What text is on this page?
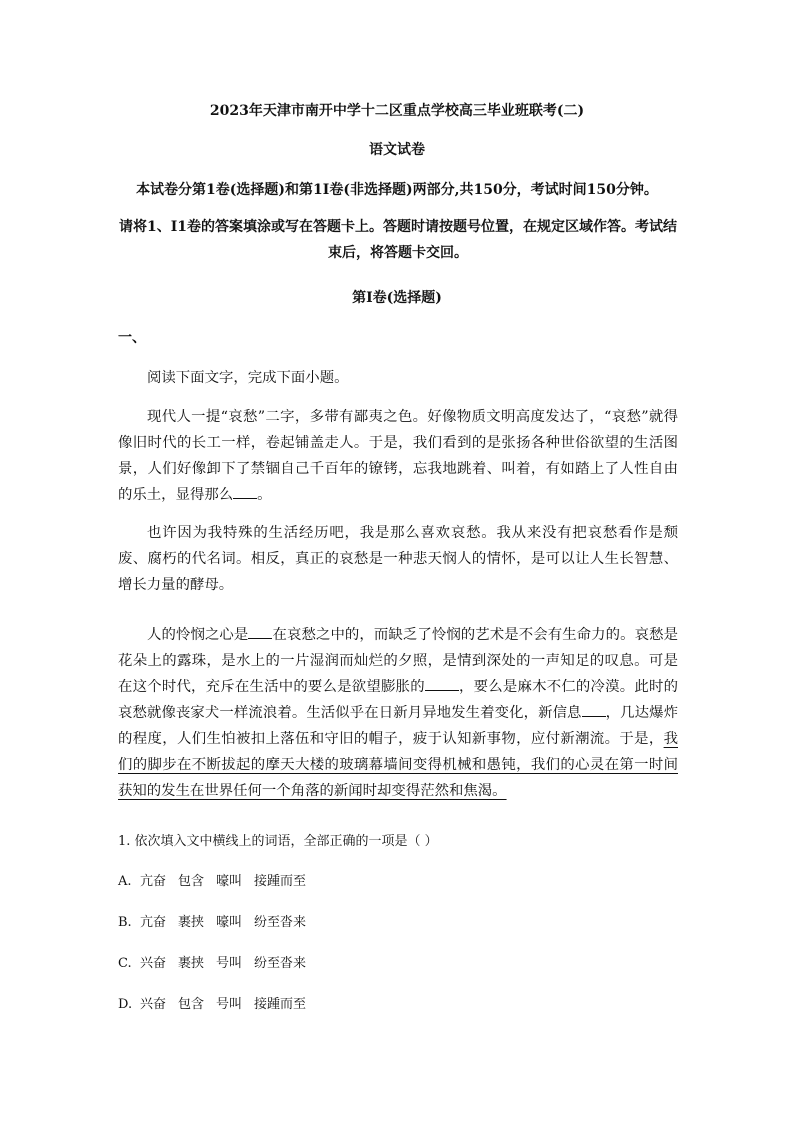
2023年天津市南开中学十二区重点学校高三毕业班联考(二)
语文试卷
本试卷分第1卷(选择题)和第1I卷(非选择题)两部分,共150分，考试时间150分钟。
请将1、I1卷的答案填涂或写在答题卡上。答题时请按题号位置，在规定区域作答。考试结束后，将答题卡交回。
第I卷(选择题)
一、

阅读下面文字，完成下面小题。

现代人一提“哀愁”二字，多带有鄙夷之色。好像物质文明高度发达了，“哀愁”就得像旧时代的长工一样，卷起铺盖走人。于是，我们看到的是张扬各种世俗欲望的生活图景，人们好像卸下了禁锢自己千百年的镣铐，忘我地跳着、叫着，有如踏上了人性自由的乐土，显得那么 。

也许因为我特殊的生活经历吧，我是那么喜欢哀愁。我从来没有把哀愁看作是颓废、腐朽的代名词。相反，真正的哀愁是一种悲天悯人的情怀，是可以让人生长智慧、增长力量的酵母。

人的怜悯之心是 在哀愁之中的，而缺乏了怜悯的艺术是不会有生命力的。哀愁是花朵上的露珠，是水上的一片湿润而灿烂的夕照，是情到深处的一声知足的叹息。可是在这个时代，充斥在生活中的要么是欲望膨胀的 ，要么是麻木不仁的冷漠。此时的哀愁就像丧家犬一样流浪着。生活似乎在日新月异地发生着变化，新信息 ，几达爆炸的程度，人们生怕被扣上落伍和守旧的帽子，疲于认知新事物，应付新潮流。于是，我们的脚步在不断拔起的摩天大楼的玻璃幕墙间变得机械和愚钝，我们的心灵在第一时间获知的发生在世界任何一个角落的新闻时却变得茫然和焦渴。

1. 依次填入文中横线上的词语，全部正确的一项是（ ）
A. 亢奋 包含 嚎叫 接踵而至
B. 亢奋 裹挟 嚎叫 纷至沓来
C. 兴奋 裹挟 号叫 纷至沓来
D. 兴奋 包含 号叫 接踵而至
